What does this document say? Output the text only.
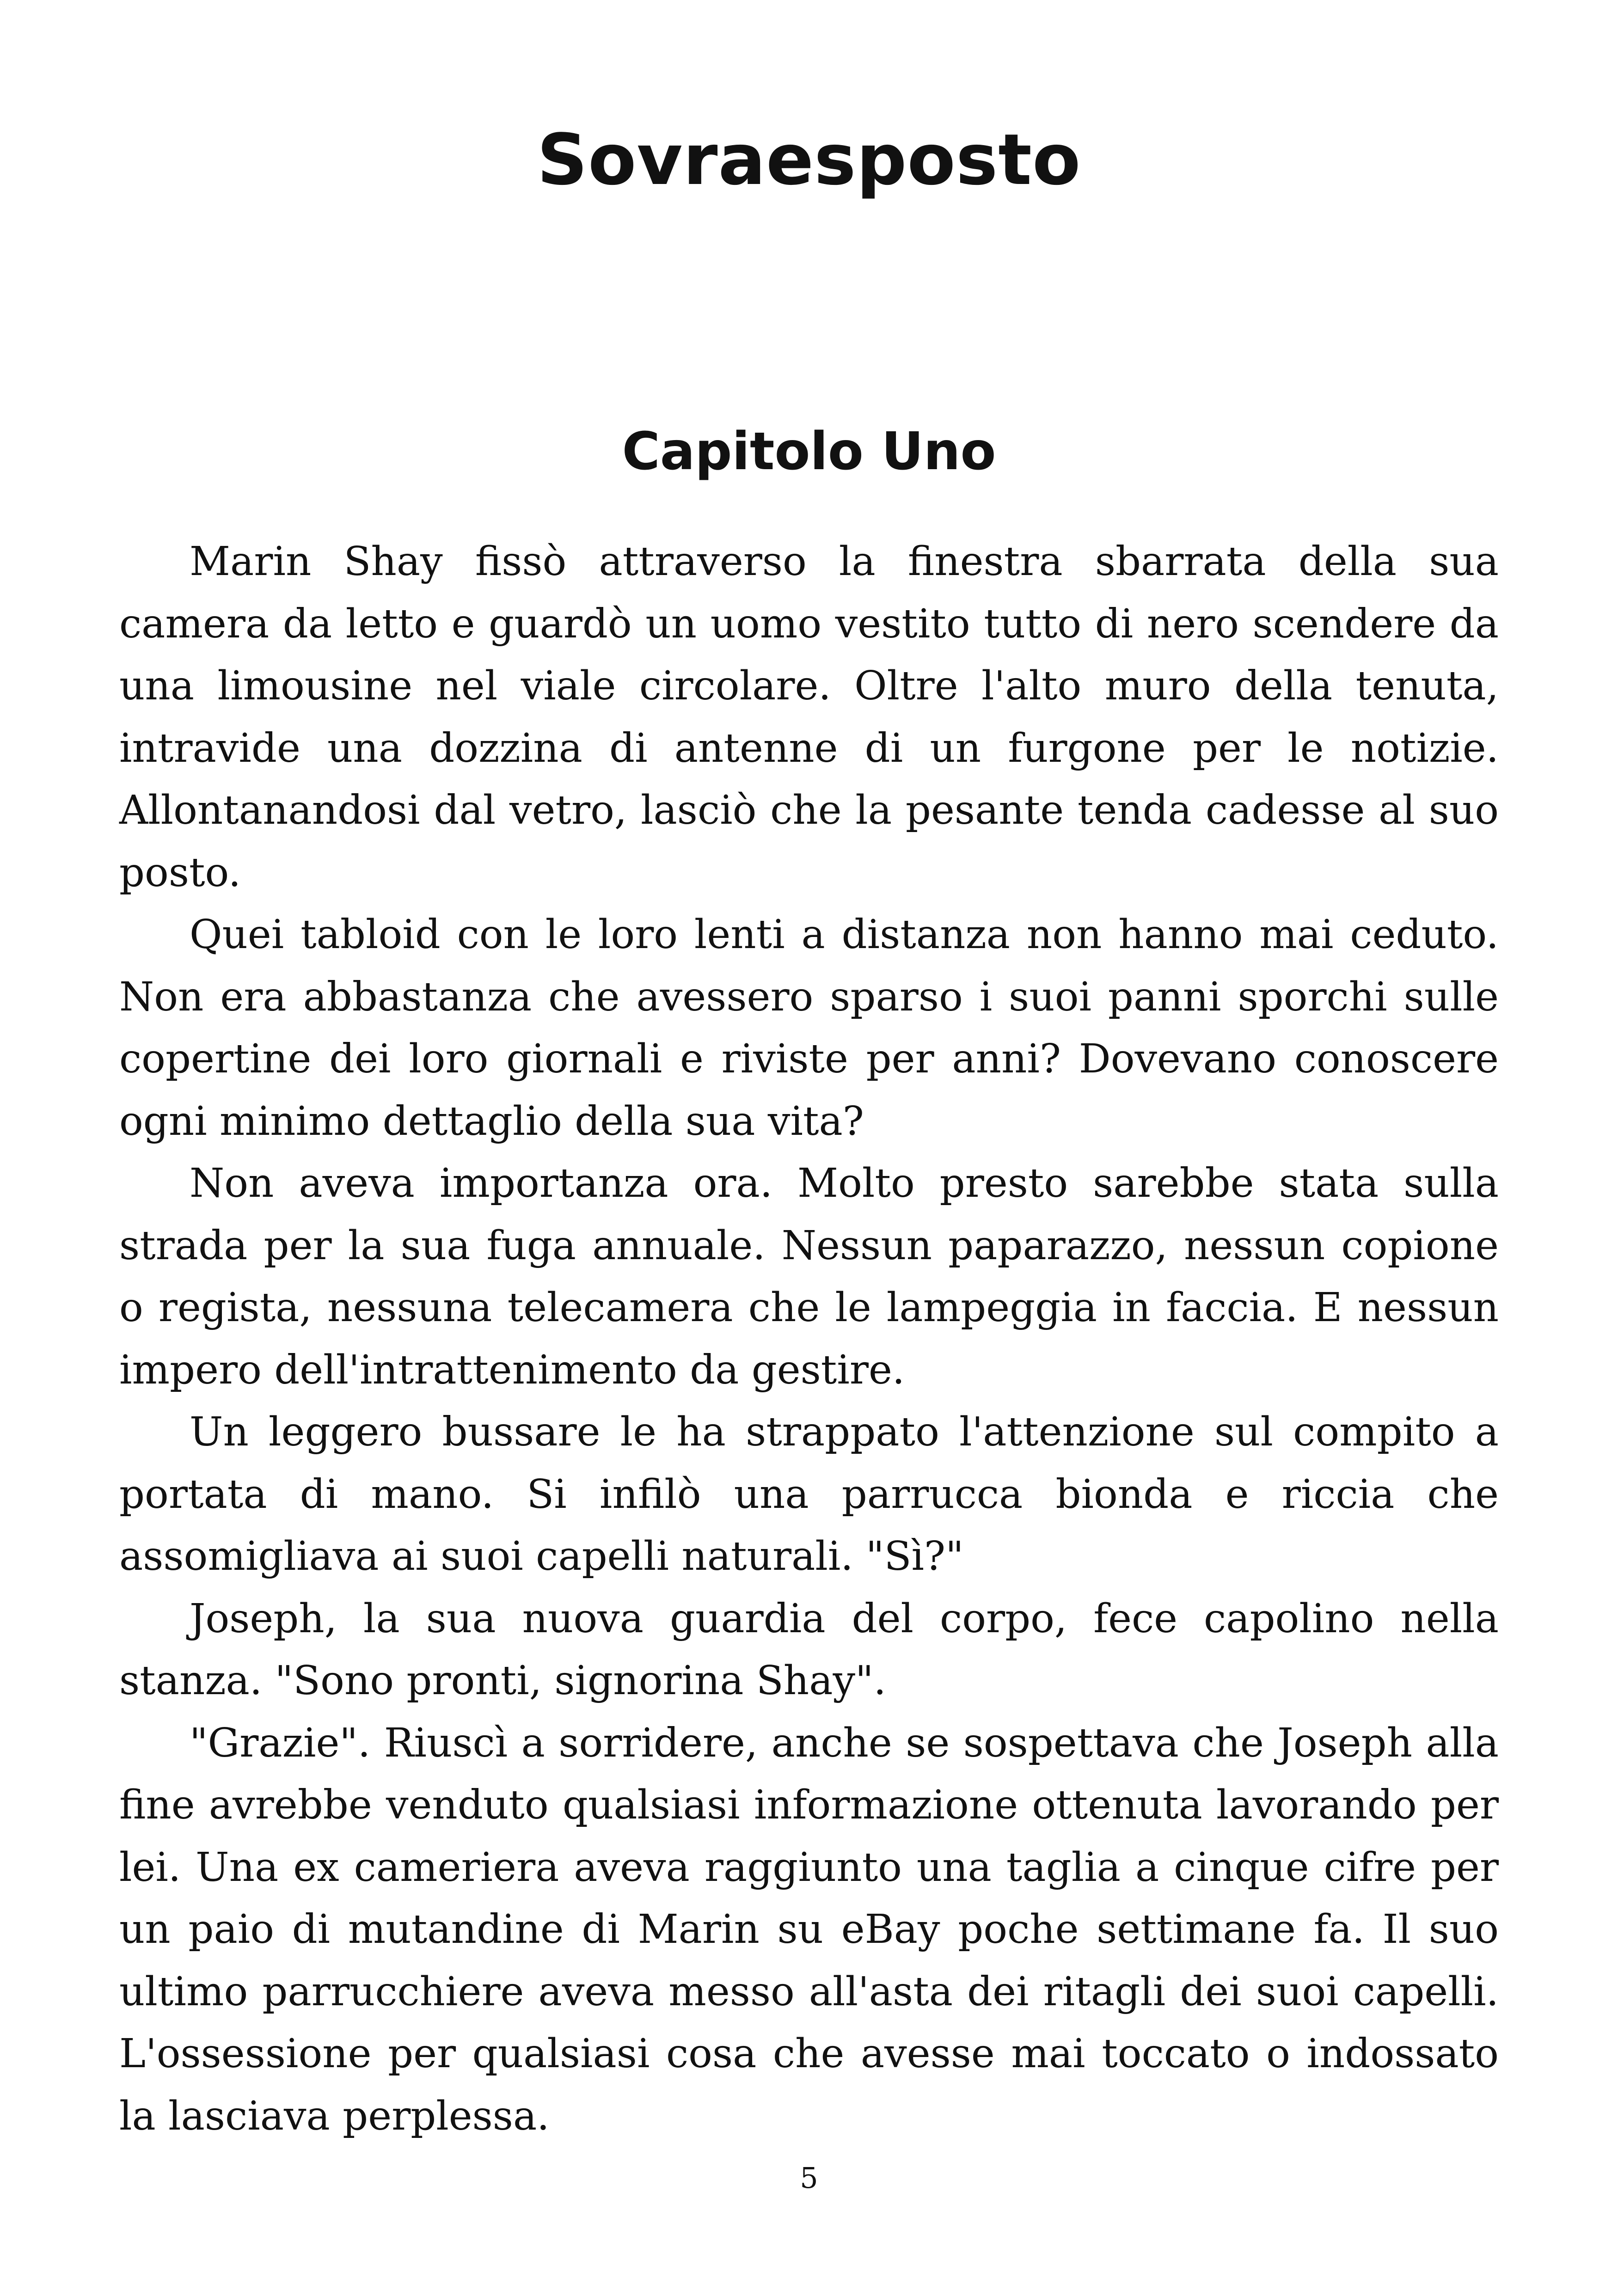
Sovraesposto
Capitolo Uno

Marin Shay fissò attraverso la finestra sbarrata della sua camera da letto e guardò un uomo vestito tutto di nero scendere da una limousine nel viale circolare. Oltre l'alto muro della tenuta, intravide una dozzina di antenne di un furgone per le notizie. Allontanandosi dal vetro, lasciò che la pesante tenda cadesse al suo posto.

Quei tabloid con le loro lenti a distanza non hanno mai ceduto. Non era abbastanza che avessero sparso i suoi panni sporchi sulle copertine dei loro giornali e riviste per anni? Dovevano conoscere ogni minimo dettaglio della sua vita?

Non aveva importanza ora. Molto presto sarebbe stata sulla strada per la sua fuga annuale. Nessun paparazzo, nessun copione o regista, nessuna telecamera che le lampeggia in faccia. E nessun impero dell'intrattenimento da gestire.

Un leggero bussare le ha strappato l'attenzione sul compito a portata di mano. Si infilò una parrucca bionda e riccia che assomigliava ai suoi capelli naturali. "Sì?"

Joseph, la sua nuova guardia del corpo, fece capolino nella stanza. "Sono pronti, signorina Shay".

"Grazie". Riuscì a sorridere, anche se sospettava che Joseph alla fine avrebbe venduto qualsiasi informazione ottenuta lavorando per lei. Una ex cameriera aveva raggiunto una taglia a cinque cifre per un paio di mutandine di Marin su eBay poche settimane fa. Il suo ultimo parrucchiere aveva messo all'asta dei ritagli dei suoi capelli. L'ossessione per qualsiasi cosa che avesse mai toccato o indossato la lasciava perplessa.

5
